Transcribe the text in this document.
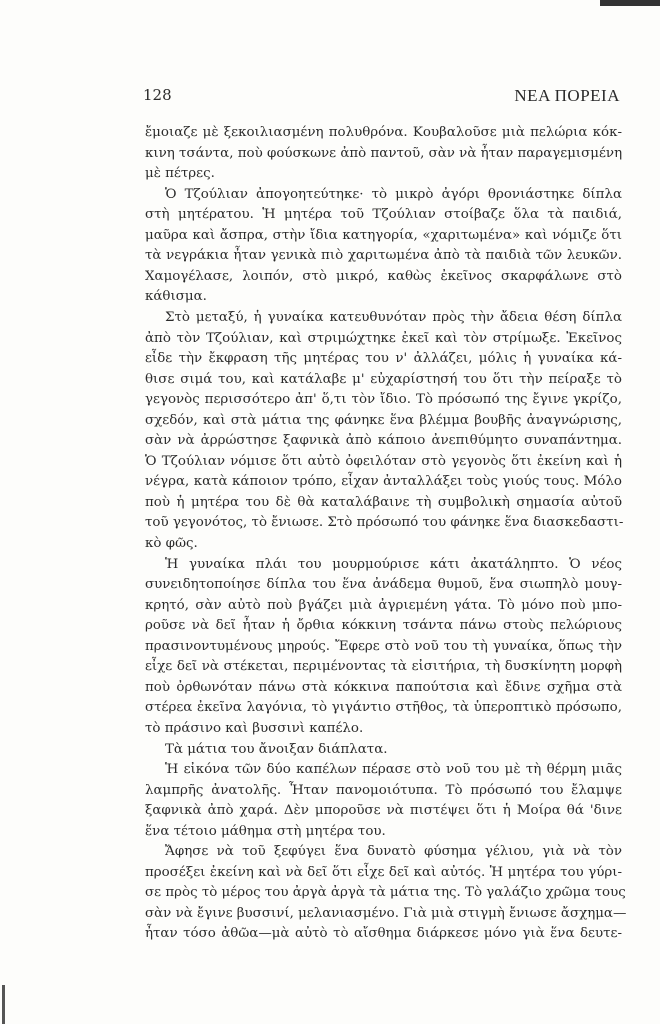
128	ΝΕΑ ΠΟΡΕΙΑ
ἔμοιαζε μὲ ξεκοιλιασμένη πολυθρόνα. Κουβαλοῦσε μιὰ πελώρια κόκ-
κινη τσάντα, ποὺ φούσκωνε ἀπὸ παντοῦ, σὰν νὰ ἦταν παραγεμισμένη
μὲ πέτρες.
Ὁ Τζούλιαν ἀπογοητεύτηκε· τὸ μικρὸ ἀγόρι θρονιάστηκε δίπλα
στὴ μητέρατου. Ἡ μητέρα τοῦ Τζούλιαν στοίβαζε ὅλα τὰ παιδιά,
μαῦρα καὶ ἄσπρα, στὴν ἴδια κατηγορία, «χαριτωμένα» καὶ νόμιζε ὅτι
τὰ νεγράκια ἦταν γενικὰ πιὸ χαριτωμένα ἀπὸ τὰ παιδιὰ τῶν λευκῶν.
Χαμογέλασε, λοιπόν, στὸ μικρό, καθὼς ἐκεῖνος σκαρφάλωνε στὸ
κάθισμα.
Στὸ μεταξύ, ἡ γυναίκα κατευθυνόταν πρὸς τὴν ἄδεια θέση δίπλα
ἀπὸ τὸν Τζούλιαν, καὶ στριμώχτηκε ἐκεῖ καὶ τὸν στρίμωξε. Ἐκεῖνος
εἶδε τὴν ἔκφραση τῆς μητέρας του ν' ἀλλάζει, μόλις ἡ γυναίκα κά-
θισε σιμά του, καὶ κατάλαβε μ' εὐχαρίστησή του ὅτι τὴν πείραξε τὸ
γεγονὸς περισσότερο ἀπ' ὅ,τι τὸν ἴδιο. Τὸ πρόσωπό της ἔγινε γκρίζο,
σχεδόν, καὶ στὰ μάτια της φάνηκε ἕνα βλέμμα βουβῆς ἀναγνώρισης,
σὰν νὰ ἀρρώστησε ξαφνικὰ ἀπὸ κάποιο ἀνεπιθύμητο συναπάντημα.
Ὁ Τζούλιαν νόμισε ὅτι αὐτὸ ὀφειλόταν στὸ γεγονὸς ὅτι ἐκείνη καὶ ἡ
νέγρα, κατὰ κάποιον τρόπο, εἶχαν ἀνταλλάξει τοὺς γιούς τους. Μόλο
ποὺ ἡ μητέρα του δὲ θὰ καταλάβαινε τὴ συμβολικὴ σημασία αὐτοῦ
τοῦ γεγονότος, τὸ ἔνιωσε. Στὸ πρόσωπό του φάνηκε ἕνα διασκεδαστι-
κὸ φῶς.
Ἡ γυναίκα πλάι του μουρμούρισε κάτι ἀκατάληπτο. Ὁ νέος
συνειδητοποίησε δίπλα του ἕνα ἀνάδεμα θυμοῦ, ἕνα σιωπηλὸ μουγ-
κρητό, σὰν αὐτὸ ποὺ βγάζει μιὰ ἀγριεμένη γάτα. Τὸ μόνο ποὺ μπο-
ροῦσε νὰ δεῖ ἦταν ἡ ὄρθια κόκκινη τσάντα πάνω στοὺς πελώριους
πρασινοντυμένους μηρούς. Ἔφερε στὸ νοῦ του τὴ γυναίκα, ὅπως τὴν
εἶχε δεῖ νὰ στέκεται, περιμένοντας τὰ εἰσιτήρια, τὴ δυσκίνητη μορφὴ
ποὺ ὀρθωνόταν πάνω στὰ κόκκινα παπούτσια καὶ ἔδινε σχῆμα στὰ
στέρεα ἐκεῖνα λαγόνια, τὸ γιγάντιο στῆθος, τὰ ὑπεροπτικὸ πρόσωπο,
τὸ πράσινο καὶ βυσσινὶ καπέλο.
Τὰ μάτια του ἄνοιξαν διάπλατα.
Ἡ εἰκόνα τῶν δύο καπέλων πέρασε στὸ νοῦ του μὲ τὴ θέρμη μιᾶς
λαμπρῆς ἀνατολῆς. Ἦταν πανομοιότυπα. Τὸ πρόσωπό του ἔλαμψε
ξαφνικὰ ἀπὸ χαρά. Δὲν μποροῦσε νὰ πιστέψει ὅτι ἡ Μοίρα θά 'δινε
ἕνα τέτοιο μάθημα στὴ μητέρα του.
Ἄφησε νὰ τοῦ ξεφύγει ἕνα δυνατὸ φύσημα γέλιου, γιὰ νὰ τὸν
προσέξει ἐκείνη καὶ νὰ δεῖ ὅτι εἶχε δεῖ καὶ αὐτός. Ἡ μητέρα του γύρι-
σε πρὸς τὸ μέρος του ἀργὰ ἀργὰ τὰ μάτια της. Τὸ γαλάζιο χρῶμα τους
σὰν νὰ ἔγινε βυσσινί, μελανιασμένο. Γιὰ μιὰ στιγμὴ ἔνιωσε ἄσχημα—
ἦταν τόσο ἀθῶα—μὰ αὐτὸ τὸ αἴσθημα διάρκεσε μόνο γιὰ ἕνα δευτε-
